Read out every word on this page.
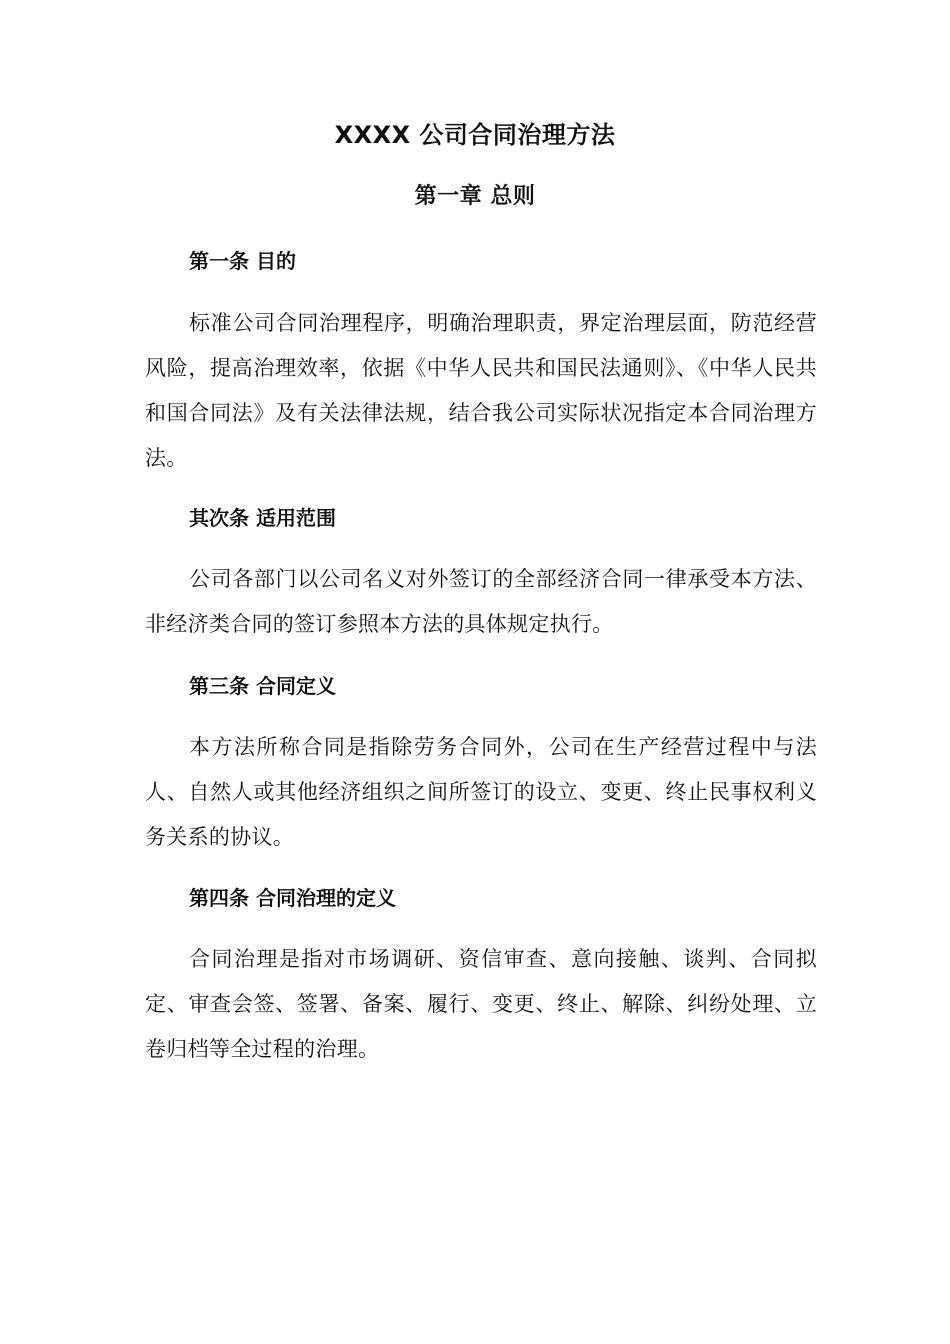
XXXX 公司合同治理方法
第一章 总则
第一条 目的

标准公司合同治理程序，明确治理职责，界定治理层面，防范经营风险，提高治理效率，依据《中华人民共和国民法通则》、《中华人民共和国合同法》及有关法律法规，结合我公司实际状况指定本合同治理方法。

其次条 适用范围

公司各部门以公司名义对外签订的全部经济合同一律承受本方法、非经济类合同的签订参照本方法的具体规定执行。

第三条 合同定义

本方法所称合同是指除劳务合同外，公司在生产经营过程中与法人、自然人或其他经济组织之间所签订的设立、变更、终止民事权利义务关系的协议。

第四条 合同治理的定义

合同治理是指对市场调研、资信审查、意向接触、谈判、合同拟定、审查会签、签署、备案、履行、变更、终止、解除、纠纷处理、立卷归档等全过程的治理。
